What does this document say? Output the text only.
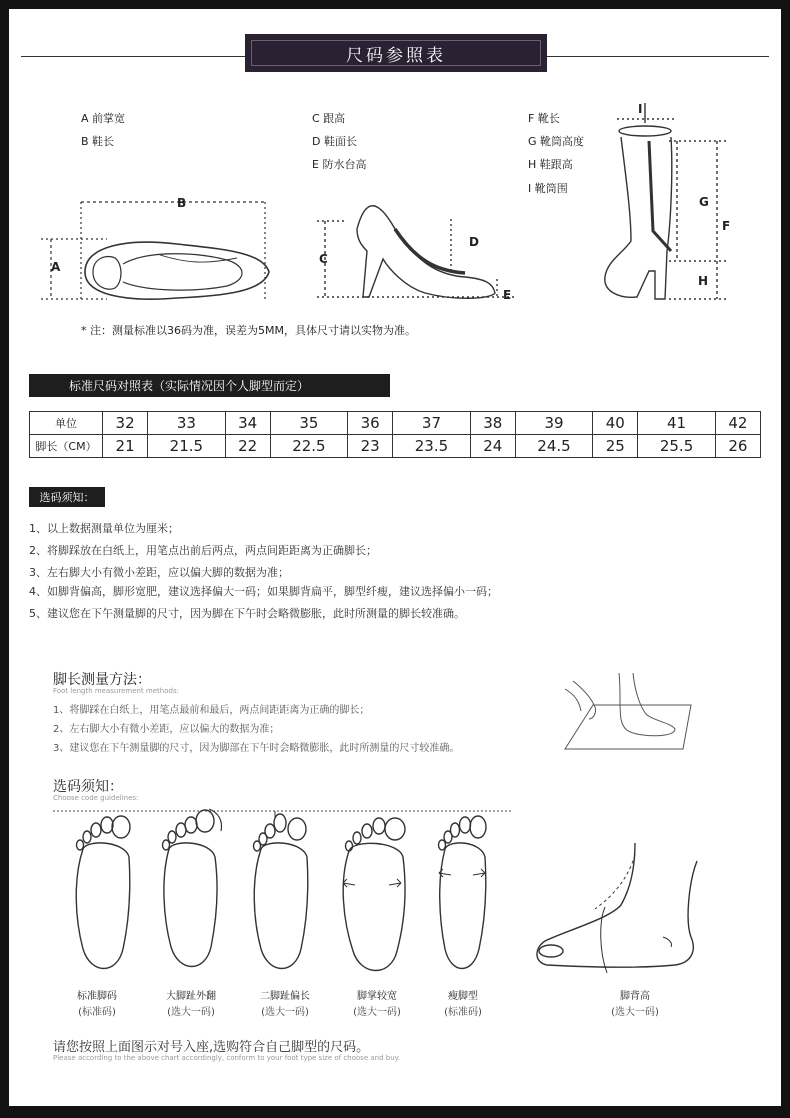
尺码参照表
A 前掌宽
B 鞋长
C 跟高
D 鞋面长
E 防水台高
F 靴长
G 靴筒高度
H 鞋跟高
I 靴筒围
B
A
C
D
E
I
G
F
H
* 注：测量标准以36码为准，误差为5MM，具体尺寸请以实物为准。
标准尺码对照表（实际情况因个人脚型而定）
单位	32	33	34	35	36	37	38	39	40	41	42
脚长（CM）	21	21.5	22	22.5	23	23.5	24	24.5	25	25.5	26
选码须知：
1、以上数据测量单位为厘米；
2、将脚踩放在白纸上，用笔点出前后两点，两点间距距离为正确脚长；
3、左右脚大小有微小差距，应以偏大脚的数据为准；
4、如脚背偏高，脚形宽肥，建议选择偏大一码；如果脚背扁平，脚型纤瘦，建议选择偏小一码；
5、建议您在下午测量脚的尺寸，因为脚在下午时会略微膨胀，此时所测量的脚长较准确。
脚长测量方法：
Foot length measurement methods:
1、将脚踩在白纸上，用笔点最前和最后，两点间距距离为正确的脚长；
2、左右脚大小有微小差距，应以偏大的数据为准；
3、建议您在下午测量脚的尺寸，因为脚部在下午时会略微膨胀，此时所测量的尺寸较准确。
选码须知：
Choose code guidelines:
标准脚码
(标准码)
大脚趾外翻
(选大一码)
二脚趾偏长
(选大一码)
脚掌较宽
(选大一码)
瘦脚型
(标准码)
脚背高
(选大一码)
请您按照上面图示对号入座,选购符合自己脚型的尺码。
Please according to the above chart accordingly, conform to your foot type size of choose and buy.
